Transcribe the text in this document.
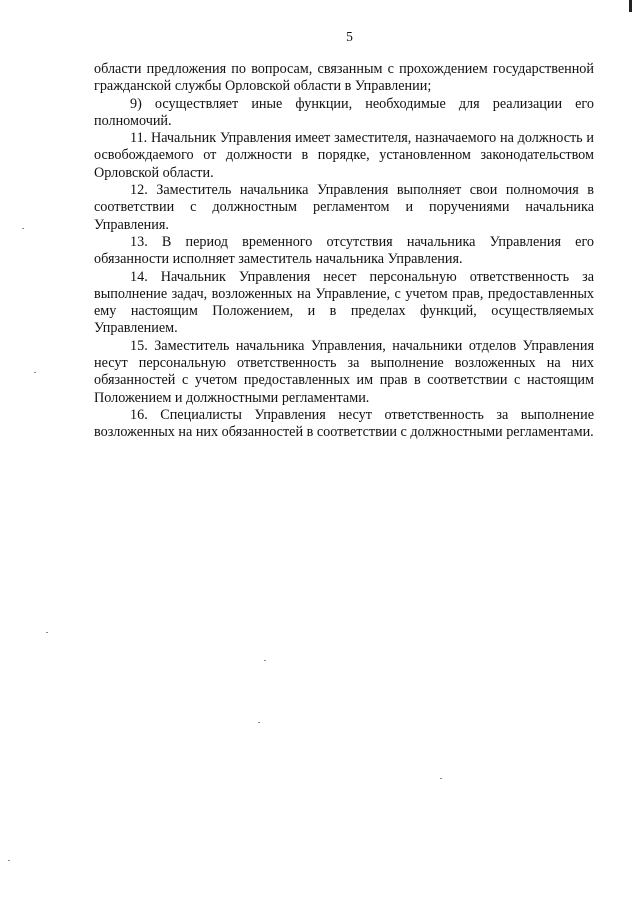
5

области предложения по вопросам, связанным с прохождением государственной гражданской службы Орловской области в Управлении;

9) осуществляет иные функции, необходимые для реализации его полномочий.

11. Начальник Управления имеет заместителя, назначаемого на должность и освобождаемого от должности в порядке, установленном законодательством Орловской области.

12. Заместитель начальника Управления выполняет свои полномочия в соответствии с должностным регламентом и поручениями начальника Управления.

13. В период временного отсутствия начальника Управления его обязанности исполняет заместитель начальника Управления.

14. Начальник Управления несет персональную ответственность за выполнение задач, возложенных на Управление, с учетом прав, предоставленных ему настоящим Положением, и в пределах функций, осуществляемых Управлением.

15. Заместитель начальника Управления, начальники отделов Управления несут персональную ответственность за выполнение возложенных на них обязанностей с учетом предоставленных им прав в соответствии с настоящим Положением и должностными регламентами.

16. Специалисты Управления несут ответственность за выполнение возложенных на них обязанностей в соответствии с должностными регламентами.
